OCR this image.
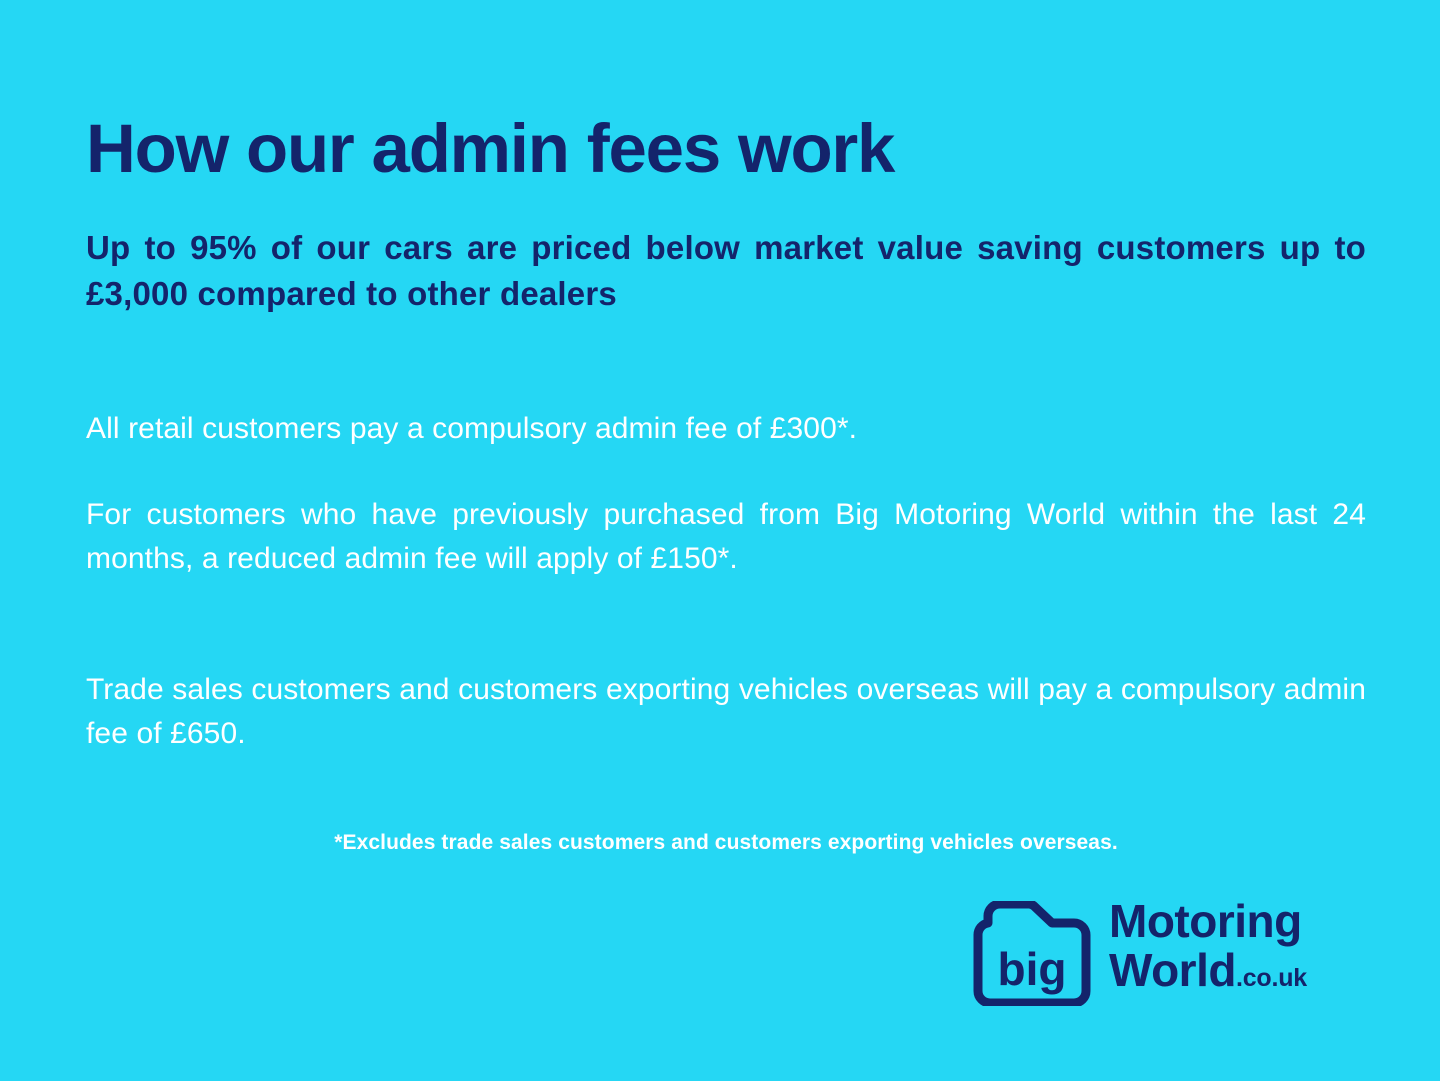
How our admin fees work
Up to 95% of our cars are priced below market value saving customers up to £3,000 compared to other dealers
All retail customers pay a compulsory admin fee of £300*.
For customers who have previously purchased from Big Motoring World within the last 24 months, a reduced admin fee will apply of £150*.
Trade sales customers and customers exporting vehicles overseas will pay a compulsory admin fee of £650.
*Excludes trade sales customers and customers exporting vehicles overseas.
big
Motoring
World.co.uk
